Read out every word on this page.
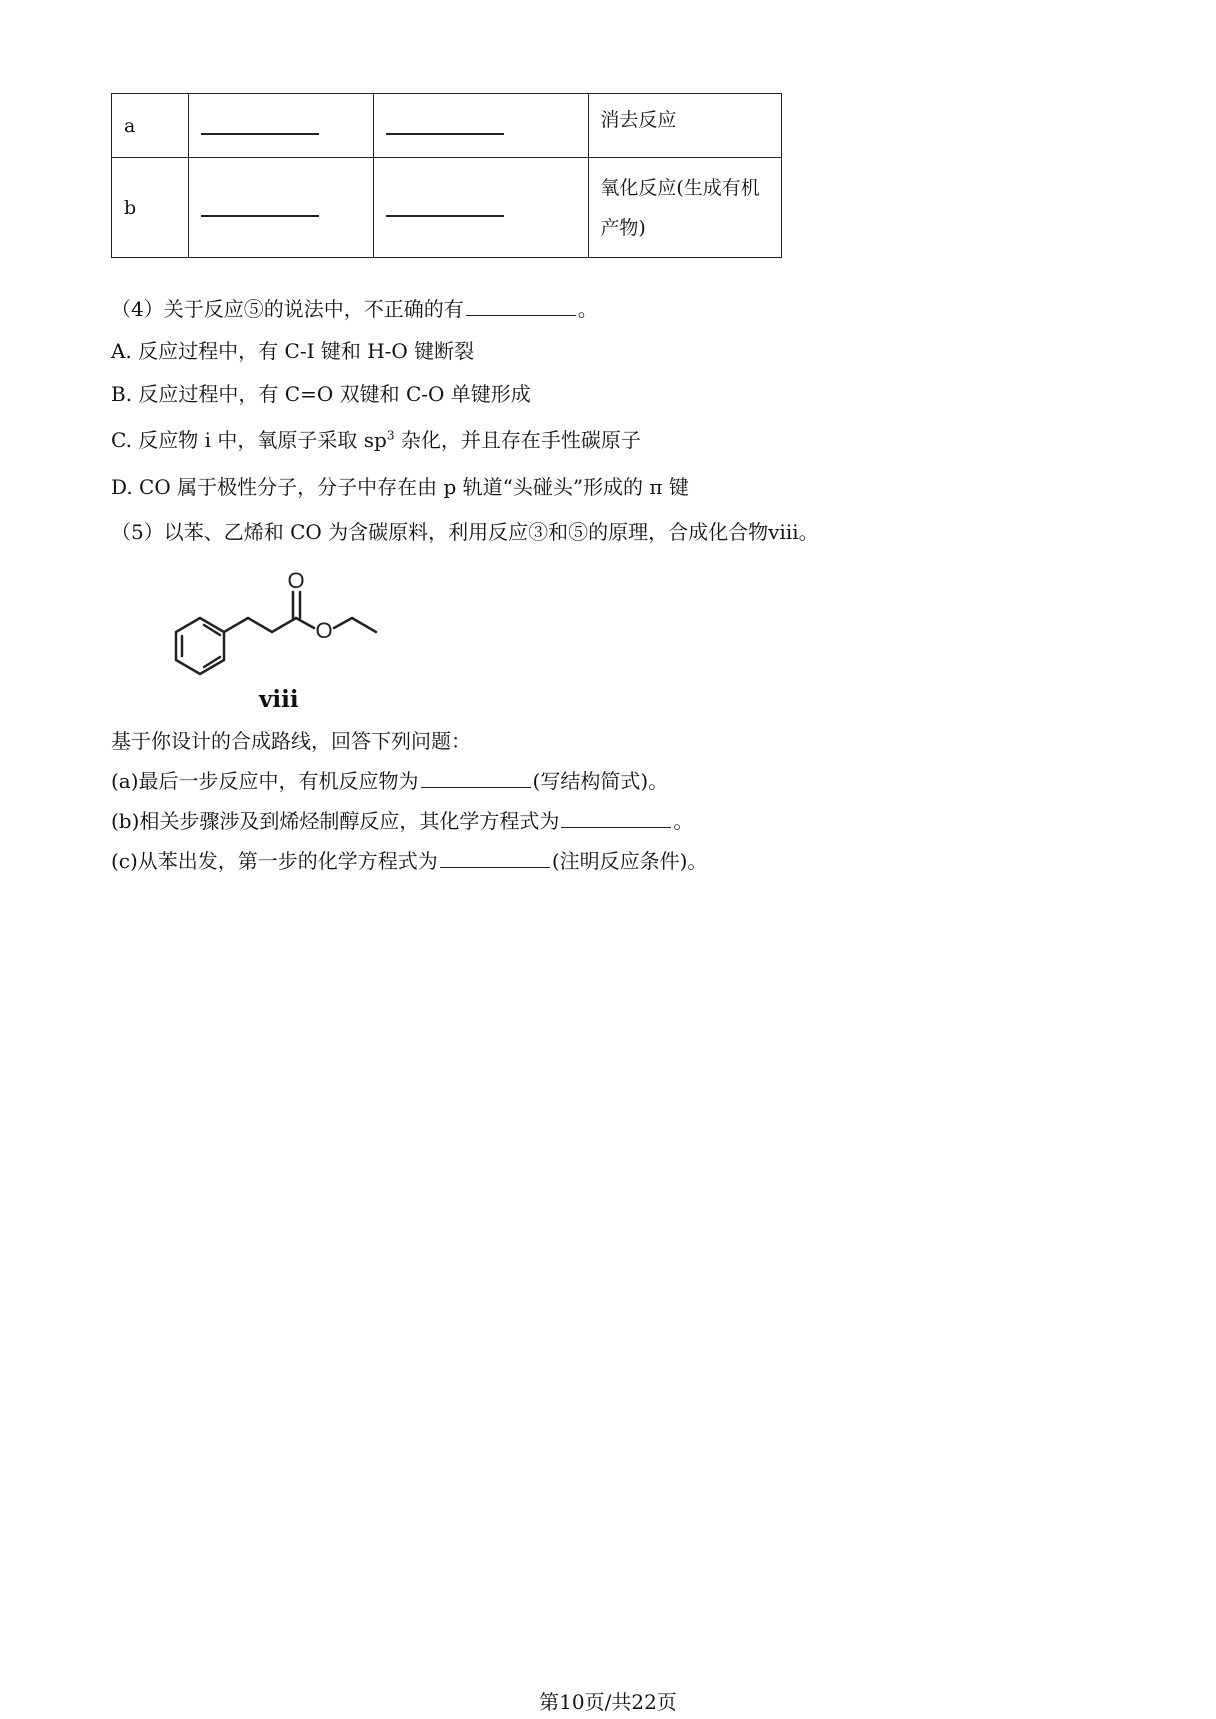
a			消去反应
b			氧化反应(生成有机
产物)
（4）关于反应⑤的说法中，不正确的有	。
A. 反应过程中，有 C-I 键和 H-O 键断裂
B. 反应过程中，有 C=O 双键和 C-O 单键形成
C. 反应物 i 中，氧原子采取 $sp^3$ 杂化，并且存在手性碳原子
D. CO 属于极性分子，分子中存在由 p 轨道“头碰头”形成的 π 键
（5）以苯、乙烯和 CO 为含碳原料，利用反应③和⑤的原理，合成化合物ⅷ。
O
O
viii
基于你设计的合成路线，回答下列问题：
(a)最后一步反应中，有机反应物为	(写结构简式)。
(b)相关步骤涉及到烯烃制醇反应，其化学方程式为	。
(c)从苯出发，第一步的化学方程式为	(注明反应条件)。
第10页/共22页
